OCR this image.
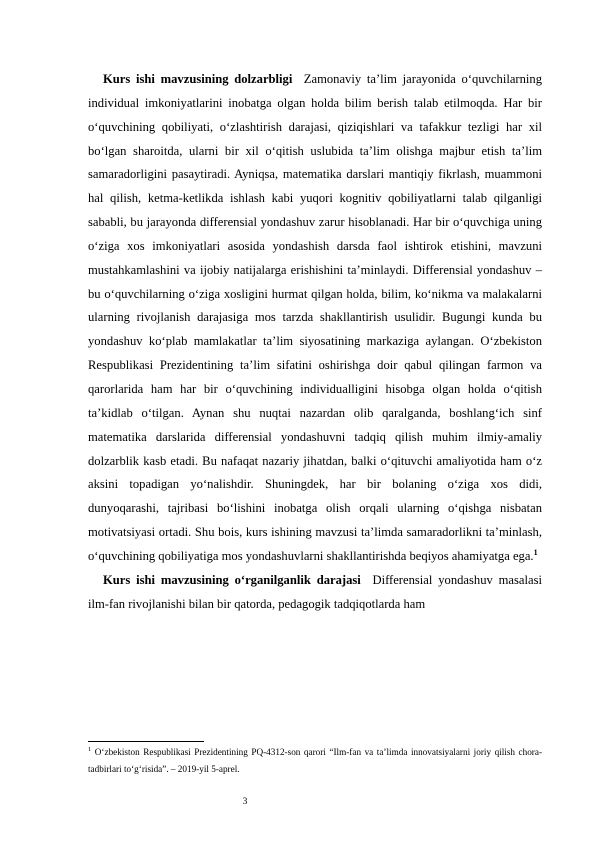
Kurs ishi mavzusining dolzarbligi Zamonaviy ta’lim jarayonida o‘quvchilarning individual imkoniyatlarini inobatga olgan holda bilim berish talab etilmoqda. Har bir o‘quvchining qobiliyati, o‘zlashtirish darajasi, qiziqishlari va tafakkur tezligi har xil bo‘lgan sharoitda, ularni bir xil o‘qitish uslubida ta’lim olishga majbur etish ta’lim samaradorligini pasaytiradi. Ayniqsa, matematika darslari mantiqiy fikrlash, muammoni hal qilish, ketma-ketlikda ishlash kabi yuqori kognitiv qobiliyatlarni talab qilganligi sababli, bu jarayonda differensial yondashuv zarur hisoblanadi. Har bir o‘quvchiga uning o‘ziga xos imkoniyatlari asosida yondashish darsda faol ishtirok etishini, mavzuni mustahkamlashini va ijobiy natijalarga erishishini ta’minlaydi. Differensial yondashuv – bu o‘quvchilarning o‘ziga xosligini hurmat qilgan holda, bilim, ko‘nikma va malakalarni ularning rivojlanish darajasiga mos tarzda shakllantirish usulidir. Bugungi kunda bu yondashuv ko‘plab mamlakatlar ta’lim siyosatining markaziga aylangan. O‘zbekiston Respublikasi Prezidentining ta’lim sifatini oshirishga doir qabul qilingan farmon va qarorlarida ham har bir o‘quvchining individualligini hisobga olgan holda o‘qitish ta’kidlab o‘tilgan. Aynan shu nuqtai nazardan olib qaralganda, boshlang‘ich sinf matematika darslarida differensial yondashuvni tadqiq qilish muhim ilmiy-amaliy dolzarblik kasb etadi. Bu nafaqat nazariy jihatdan, balki o‘qituvchi amaliyotida ham o‘z aksini topadigan yo‘nalishdir. Shuningdek, har bir bolaning o‘ziga xos didi, dunyoqarashi, tajribasi bo‘lishini inobatga olish orqali ularning o‘qishga nisbatan motivatsiyasi ortadi. Shu bois, kurs ishining mavzusi ta’limda samaradorlikni ta’minlash, o‘quvchining qobiliyatiga mos yondashuvlarni shakllantirishda beqiyos ahamiyatga ega.$^1$

Kurs ishi mavzusining o‘rganilganlik darajasi Differensial yondashuv masalasi ilm-fan rivojlanishi bilan bir qatorda, pedagogik tadqiqotlarda ham

$^1$ O‘zbekiston Respublikasi Prezidentining PQ-4312-son qarori “Ilm-fan va ta’limda innovatsiyalarni joriy qilish chora-tadbirlari to‘g‘risida”. – 2019-yil 5-aprel.

3
